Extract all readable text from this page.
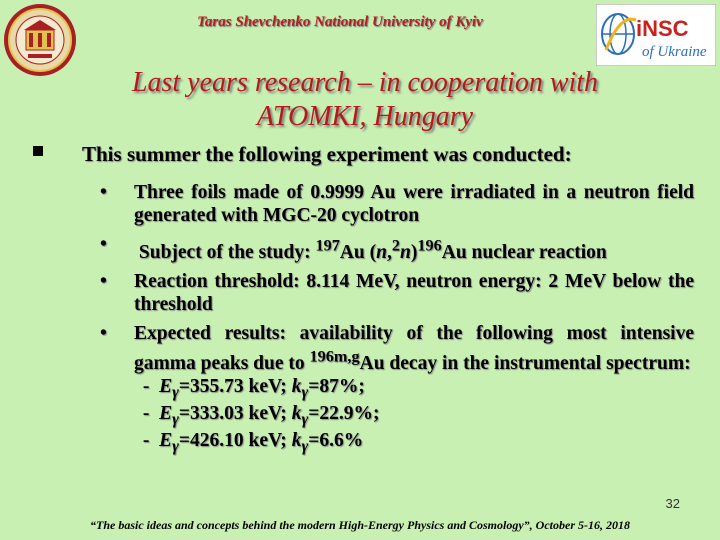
iNSC
of Ukraine
Taras Shevchenko National University of Kyiv
Last years research – in cooperation with
ATOMKI, Hungary
This summer the following experiment was conducted:
• Three foils made of 0.9999 Au were irradiated in a neutron field generated with MGC-20 cyclotron
• Subject of the study: $^{197}$Au $(n,^2n)^{196}Au$ nuclear reaction
• Reaction threshold: 8.114 MeV, neutron energy: 2 MeV below the threshold
• Expected results: availability of the following most intensive gamma peaks due to $^{196m,g}$Au decay in the instrumental spectrum:
- $E_\gamma=355.73$ keV; $k_\gamma=87\%$;
- $E_\gamma=333.03$ keV; $k_\gamma=22.9\%$;
- $E_\gamma=426.10$ keV; $k_\gamma=6.6\%$
32
“The basic ideas and concepts behind the modern High-Energy Physics and Cosmology”, October 5-16, 2018
